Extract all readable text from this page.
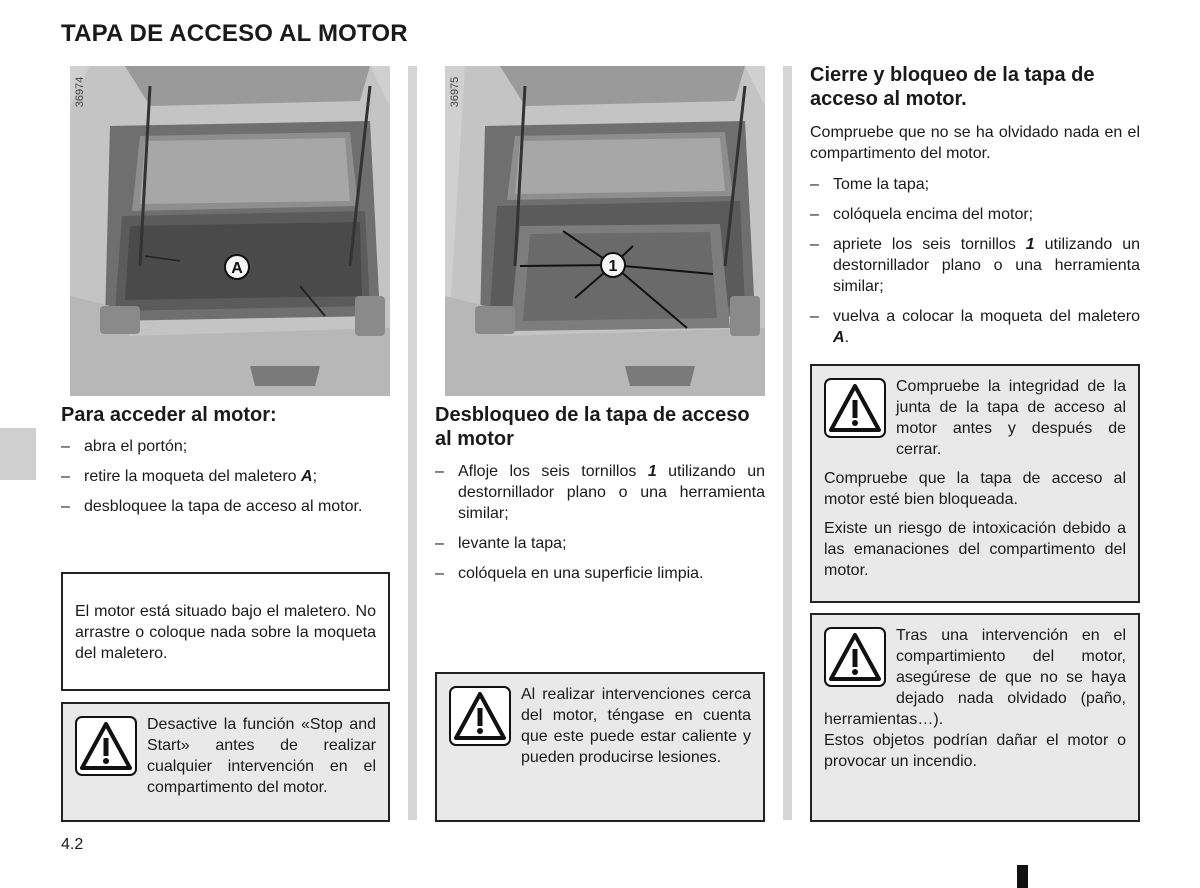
TAPA DE ACCESO AL MOTOR
A
36974
1
36975
Para acceder al motor:
– abra el portón;
– retire la moqueta del maletero A;
– desbloquee la tapa de acceso al motor.

El motor está situado bajo el maletero. No arrastre o coloque nada sobre la moqueta del maletero.

Desactive la función «Stop and Start» antes de realizar cualquier intervención en el compartimento del motor.

Desbloqueo de la tapa de acceso al motor
– Afloje los seis tornillos 1 utilizando un destornillador plano o una herramienta similar;
– levante la tapa;
– colóquela en una superficie limpia.

Al realizar intervenciones cerca del motor, téngase en cuenta que este puede estar caliente y pueden producirse lesiones.

Cierre y bloqueo de la tapa de acceso al motor.

Compruebe que no se ha olvidado nada en el compartimento del motor.

– Tome la tapa;
– colóquela encima del motor;
– apriete los seis tornillos 1 utilizando un destornillador plano o una herramienta similar;
– vuelva a colocar la moqueta del maletero A.

Compruebe la integridad de la junta de la tapa de acceso al motor antes y después de cerrar.

Compruebe que la tapa de acceso al motor esté bien bloqueada.

Existe un riesgo de intoxicación debido a las emanaciones del compartimento del motor.

Tras una intervención en el compartimiento del motor, asegúrese de que no se haya dejado nada olvidado (paño, herramientas…).

Estos objetos podrían dañar el motor o provocar un incendio.

4.2
